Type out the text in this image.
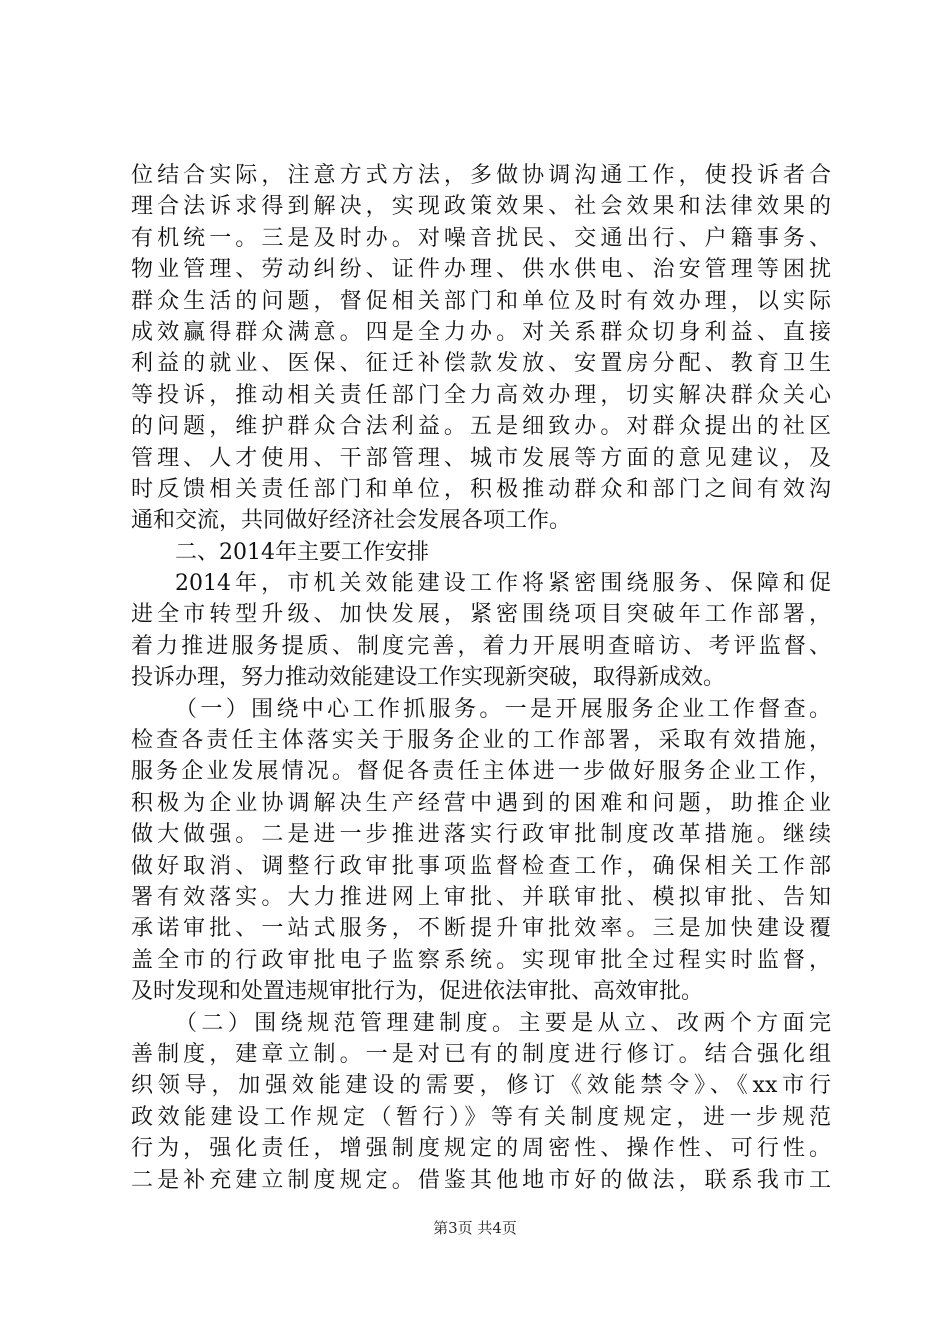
位结合实际，注意方式方法，多做协调沟通工作，使投诉者合
理合法诉求得到解决，实现政策效果、社会效果和法律效果的
有机统一。三是及时办。对噪音扰民、交通出行、户籍事务、
物业管理、劳动纠纷、证件办理、供水供电、治安管理等困扰
群众生活的问题，督促相关部门和单位及时有效办理，以实际
成效赢得群众满意。四是全力办。对关系群众切身利益、直接
利益的就业、医保、征迁补偿款发放、安置房分配、教育卫生
等投诉，推动相关责任部门全力高效办理，切实解决群众关心
的问题，维护群众合法利益。五是细致办。对群众提出的社区
管理、人才使用、干部管理、城市发展等方面的意见建议，及
时反馈相关责任部门和单位，积极推动群众和部门之间有效沟
通和交流，共同做好经济社会发展各项工作。
二、2014年主要工作安排
2014年，市机关效能建设工作将紧密围绕服务、保障和促
进全市转型升级、加快发展，紧密围绕项目突破年工作部署，
着力推进服务提质、制度完善，着力开展明查暗访、考评监督、
投诉办理，努力推动效能建设工作实现新突破，取得新成效。
（一）围绕中心工作抓服务。一是开展服务企业工作督查。
检查各责任主体落实关于服务企业的工作部署，采取有效措施，
服务企业发展情况。督促各责任主体进一步做好服务企业工作，
积极为企业协调解决生产经营中遇到的困难和问题，助推企业
做大做强。二是进一步推进落实行政审批制度改革措施。继续
做好取消、调整行政审批事项监督检查工作，确保相关工作部
署有效落实。大力推进网上审批、并联审批、模拟审批、告知
承诺审批、一站式服务，不断提升审批效率。三是加快建设覆
盖全市的行政审批电子监察系统。实现审批全过程实时监督，
及时发现和处置违规审批行为，促进依法审批、高效审批。
（二）围绕规范管理建制度。主要是从立、改两个方面完
善制度，建章立制。一是对已有的制度进行修订。结合强化组
织领导，加强效能建设的需要，修订《效能禁令》、《xx市行
政效能建设工作规定（暂行）》等有关制度规定，进一步规范
行为，强化责任，增强制度规定的周密性、操作性、可行性。
二是补充建立制度规定。借鉴其他地市好的做法，联系我市工
第3页 共4页
